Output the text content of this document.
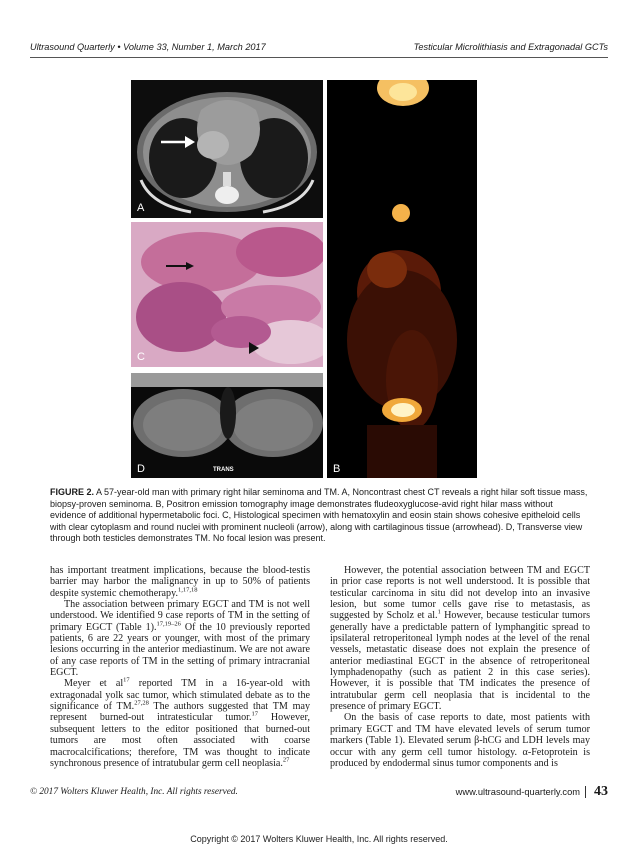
Ultrasound Quarterly • Volume 33, Number 1, March 2017	Testicular Microlithiasis and Extragonadal GCTs
A
C
D	TRANS	B
FIGURE 2. A 57-year-old man with primary right hilar seminoma and TM. A, Noncontrast chest CT reveals a right hilar soft tissue mass, biopsy-proven seminoma. B, Positron emission tomography image demonstrates fludeoxyglucose-avid right hilar mass without evidence of additional hypermetabolic foci. C, Histological specimen with hematoxylin and eosin stain shows cohesive epitheloid cells with clear cytoplasm and round nuclei with prominent nucleoli (arrow), along with cartilaginous tissue (arrowhead). D, Transverse view through both testicles demonstrates TM. No focal lesion was present.

has important treatment implications, because the blood-testis barrier may harbor the malignancy in up to 50% of patients despite systemic chemotherapy.$^{1,17,18}$

The association between primary EGCT and TM is not well understood. We identified 9 case reports of TM in the setting of primary EGCT (Table 1).$^{17,19-26}$ Of the 10 previously reported patients, 6 are 22 years or younger, with most of the primary lesions occurring in the anterior mediastinum. We are not aware of any case reports of TM in the setting of primary intracranial EGCT.

Meyer et $al^{17}$ reported TM in a 16-year-old with extragonadal yolk sac tumor, which stimulated debate as to the significance of TM.$^{27,28}$ The authors suggested that TM may represent burned-out intratesticular tumor.$^{17}$ However, subsequent letters to the editor positioned that burned-out tumors are most often associated with coarse macrocalcifications; therefore, TM was thought to indicate synchronous presence of intratubular germ cell neoplasia.$^{27}$

However, the potential association between TM and EGCT in prior case reports is not well understood. It is possible that testicular carcinoma in situ did not develop into an invasive lesion, but some tumor cells gave rise to metastasis, as suggested by Scholz et al.$^1$ However, because testicular tumors generally have a predictable pattern of lymphangitic spread to ipsilateral retroperitoneal lymph nodes at the level of the renal vessels, metastatic disease does not explain the presence of anterior mediastinal EGCT in the absence of retroperitoneal lymphadenopathy (such as patient 2 in this case series). However, it is possible that TM indicates the presence of intratubular germ cell neoplasia that is incidental to the presence of primary EGCT.

On the basis of case reports to date, most patients with primary EGCT and TM have elevated levels of serum tumor markers (Table 1). Elevated serum β-hCG and LDH levels may occur with any germ cell tumor histology. α-Fetoprotein is produced by endodermal sinus tumor components and is

© 2017 Wolters Kluwer Health, Inc. All rights reserved.	www.ultrasound-quarterly.com 43
Copyright © 2017 Wolters Kluwer Health, Inc. All rights reserved.
